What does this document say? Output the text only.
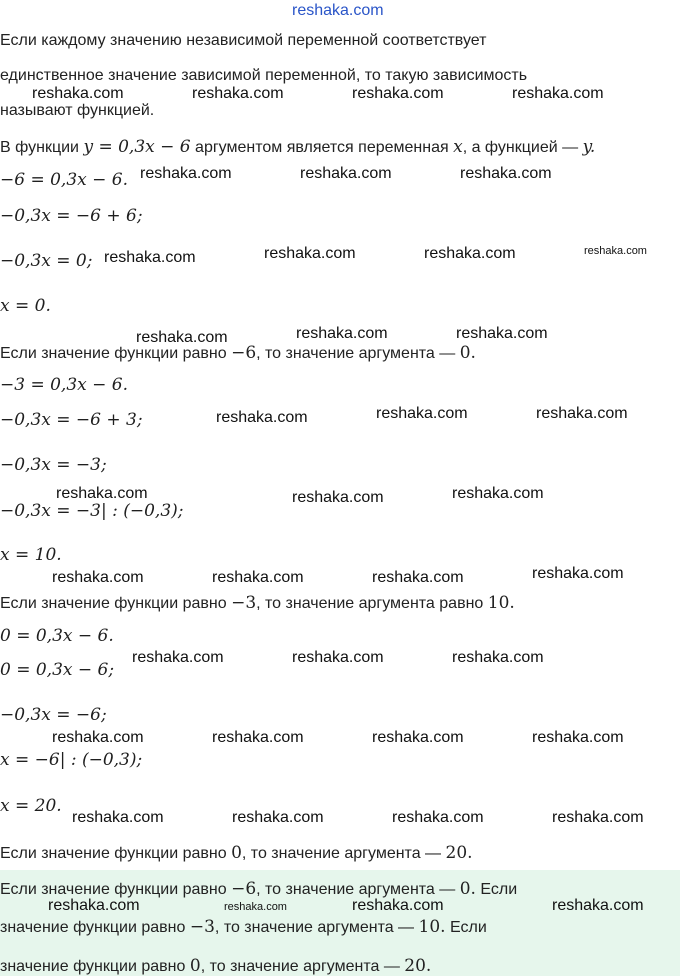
reshaka.com
Если каждому значению независимой переменной соответствует
единственное значение зависимой переменной, то такую зависимость
называют функцией.
В функции y = 0,3x − 6 аргументом является переменная x, а функцией — y.
−6 = 0,3x − 6.
−0,3x = −6 + 6;
−0,3x = 0;
x = 0.
Если значение функции равно −6, то значение аргумента — 0.
−3 = 0,3x − 6.
−0,3x = −6 + 3;
−0,3x = −3;
−0,3x = −3| : (−0,3);
x = 10.
Если значение функции равно −3, то значение аргумента равно 10.
0 = 0,3x − 6.
0 = 0,3x − 6;
−0,3x = −6;
x = −6| : (−0,3);
x = 20.
Если значение функции равно 0, то значение аргумента — 20.
Если значение функции равно −6, то значение аргумента — 0. Если
значение функции равно −3, то значение аргумента — 10. Если
значение функции равно 0, то значение аргумента — 20.
reshaka.com	reshaka.com	reshaka.com	reshaka.com
reshaka.com	reshaka.com	reshaka.com
reshaka.com	reshaka.com	reshaka.com	reshaka.com
reshaka.com	reshaka.com	reshaka.com
reshaka.com	reshaka.com	reshaka.com
reshaka.com	reshaka.com	reshaka.com
reshaka.com	reshaka.com	reshaka.com	reshaka.com
reshaka.com	reshaka.com	reshaka.com
reshaka.com	reshaka.com	reshaka.com	reshaka.com
reshaka.com	reshaka.com	reshaka.com	reshaka.com
reshaka.com	reshaka.com	reshaka.com	reshaka.com
